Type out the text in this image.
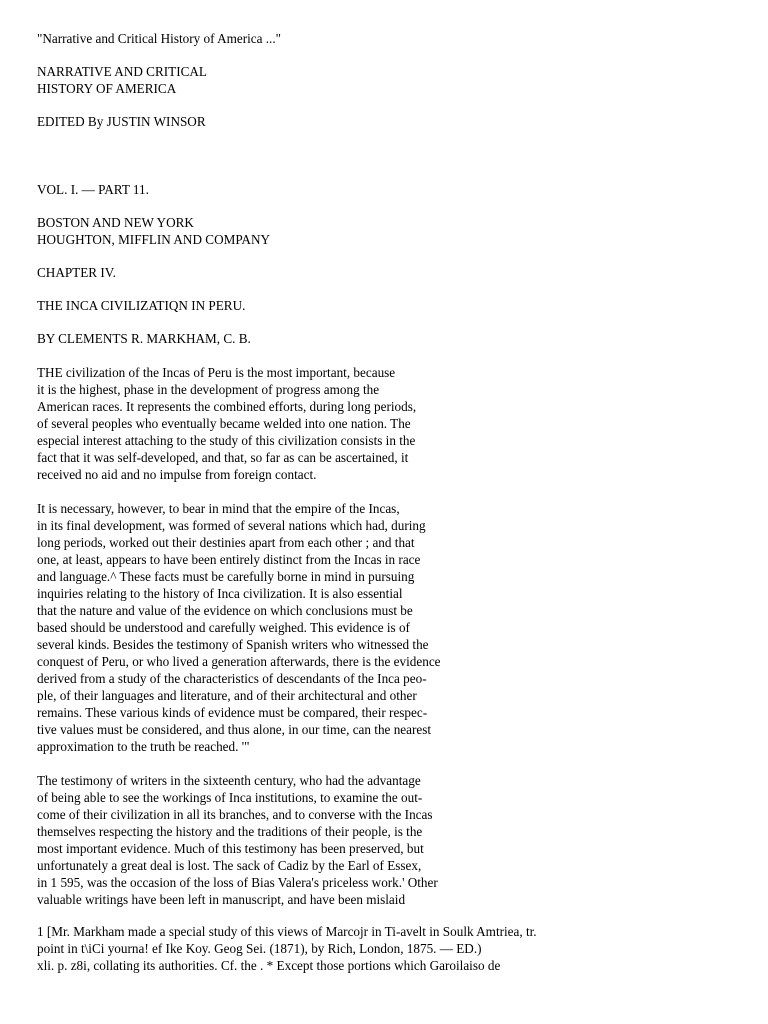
"Narrative and Critical History of America ..."
NARRATIVE AND CRITICAL
HISTORY OF AMERICA
EDITED By JUSTIN WINSOR
VOL. I. — PART 11.
BOSTON AND NEW YORK
HOUGHTON, MIFFLIN AND COMPANY
CHAPTER IV.
THE INCA CIVILIZATIQN IN PERU.
BY CLEMENTS R. MARKHAM, C. B.
THE civilization of the Incas of Peru is the most important, because
it is the highest, phase in the development of progress among the
American races. It represents the combined efforts, during long periods,
of several peoples who eventually became welded into one nation. The
especial interest attaching to the study of this civilization consists in the
fact that it was self-developed, and that, so far as can be ascertained, it
received no aid and no impulse from foreign contact.
It is necessary, however, to bear in mind that the empire of the Incas,
in its final development, was formed of several nations which had, during
long periods, worked out their destinies apart from each other ; and that
one, at least, appears to have been entirely distinct from the Incas in race
and language.^ These facts must be carefully borne in mind in pursuing
inquiries relating to the history of Inca civilization. It is also essential
that the nature and value of the evidence on which conclusions must be
based should be understood and carefully weighed. This evidence is of
several kinds. Besides the testimony of Spanish writers who witnessed the
conquest of Peru, or who lived a generation afterwards, there is the evidence
derived from a study of the characteristics of descendants of the Inca peo-
ple, of their languages and literature, and of their architectural and other
remains. These various kinds of evidence must be compared, their respec-
tive values must be considered, and thus alone, in our time, can the nearest
approximation to the truth be reached. '"
The testimony of writers in the sixteenth century, who had the advantage
of being able to see the workings of Inca institutions, to examine the out-
come of their civilization in all its branches, and to converse with the Incas
themselves respecting the history and the traditions of their people, is the
most important evidence. Much of this testimony has been preserved, but
unfortunately a great deal is lost. The sack of Cadiz by the Earl of Essex,
in 1 595, was the occasion of the loss of Bias Valera's priceless work.' Other
valuable writings have been left in manuscript, and have been mislaid
1 [Mr. Markham made a special study of this views of Marcojr in Ti-avelt in Soulk Amtriea, tr.
point in t\iCi yourna! ef Ike Koy. Geog Sei. (1871), by Rich, London, 1875. — ED.)
xli. p. z8i, collating its authorities. Cf. the . * Except those portions which Garoilaiso de
